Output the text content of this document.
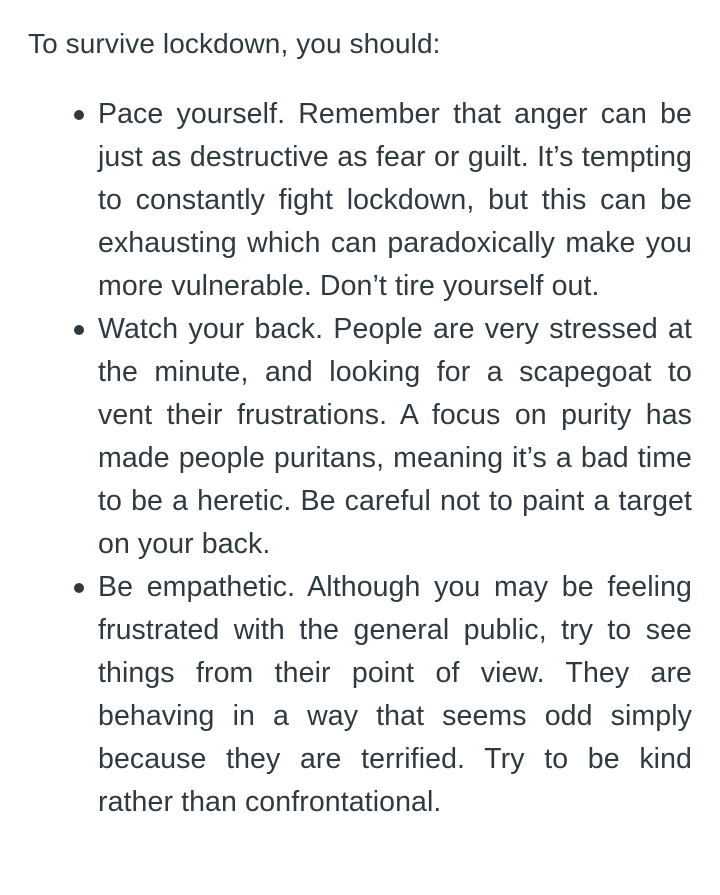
To survive lockdown, you should:

Pace yourself. Remember that anger can be just as destructive as fear or guilt. It’s tempting to constantly fight lockdown, but this can be exhausting which can paradoxically make you more vulnerable. Don’t tire yourself out.
Watch your back. People are very stressed at the minute, and looking for a scapegoat to vent their frustrations. A focus on purity has made people puritans, meaning it’s a bad time to be a heretic. Be careful not to paint a target on your back.
Be empathetic. Although you may be feeling frustrated with the general public, try to see things from their point of view. They are behaving in a way that seems odd simply because they are terrified. Try to be kind rather than confrontational.
